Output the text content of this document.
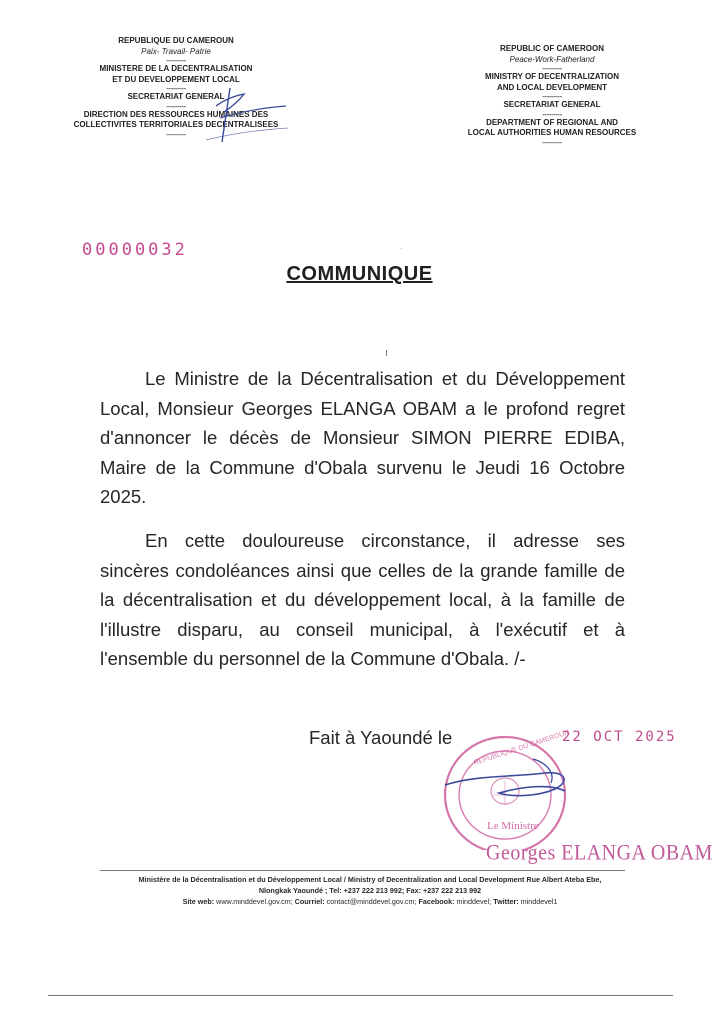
REPUBLIQUE DU CAMEROUN
Paix- Travail- Patrie
---------
MINISTERE DE LA DECENTRALISATION
ET DU DEVELOPPEMENT LOCAL
---------
SECRETARIAT GENERAL
---------
DIRECTION DES RESSOURCES HUMAINES DES
COLLECTIVITES TERRITORIALES DECENTRALISEES
---------
REPUBLIC OF CAMEROON
Peace-Work-Fatherland
---------
MINISTRY OF DECENTRALIZATION
AND LOCAL DEVELOPMENT
---------
SECRETARIAT GENERAL
---------
DEPARTMENT OF REGIONAL AND
LOCAL AUTHORITIES HUMAN RESOURCES
---------
00000032	·
COMMUNIQUE

Le Ministre de la Décentralisation et du Développement Local, Monsieur Georges ELANGA OBAM a le profond regret d'annoncer le décès de Monsieur SIMON PIERRE EDIBA, Maire de la Commune d'Obala survenu le Jeudi 16 Octobre 2025.

En cette douloureuse circonstance, il adresse ses sincères condoléances ainsi que celles de la grande famille de la décentralisation et du développement local, à la famille de l'illustre disparu, au conseil municipal, à l'exécutif et à l'ensemble du personnel de la Commune d'Obala. /-

Le Ministre
REPUBLIQUE DU CAMEROUN
Fait à Yaoundé le	22 OCT 2025
Georges ELANGA OBAM
Ministère de la Décentralisation et du Développement Local / Ministry of Decentralization and Local Development Rue Albert Ateba Ebe,
Nlongkak Yaoundé ; Tel: +237 222 213 992; Fax: +237 222 213 992
Site web: www.minddevel.gov.cm; Courriel: contact@minddevel.gov.cm; Facebook: minddevel; Twitter: minddevel1
